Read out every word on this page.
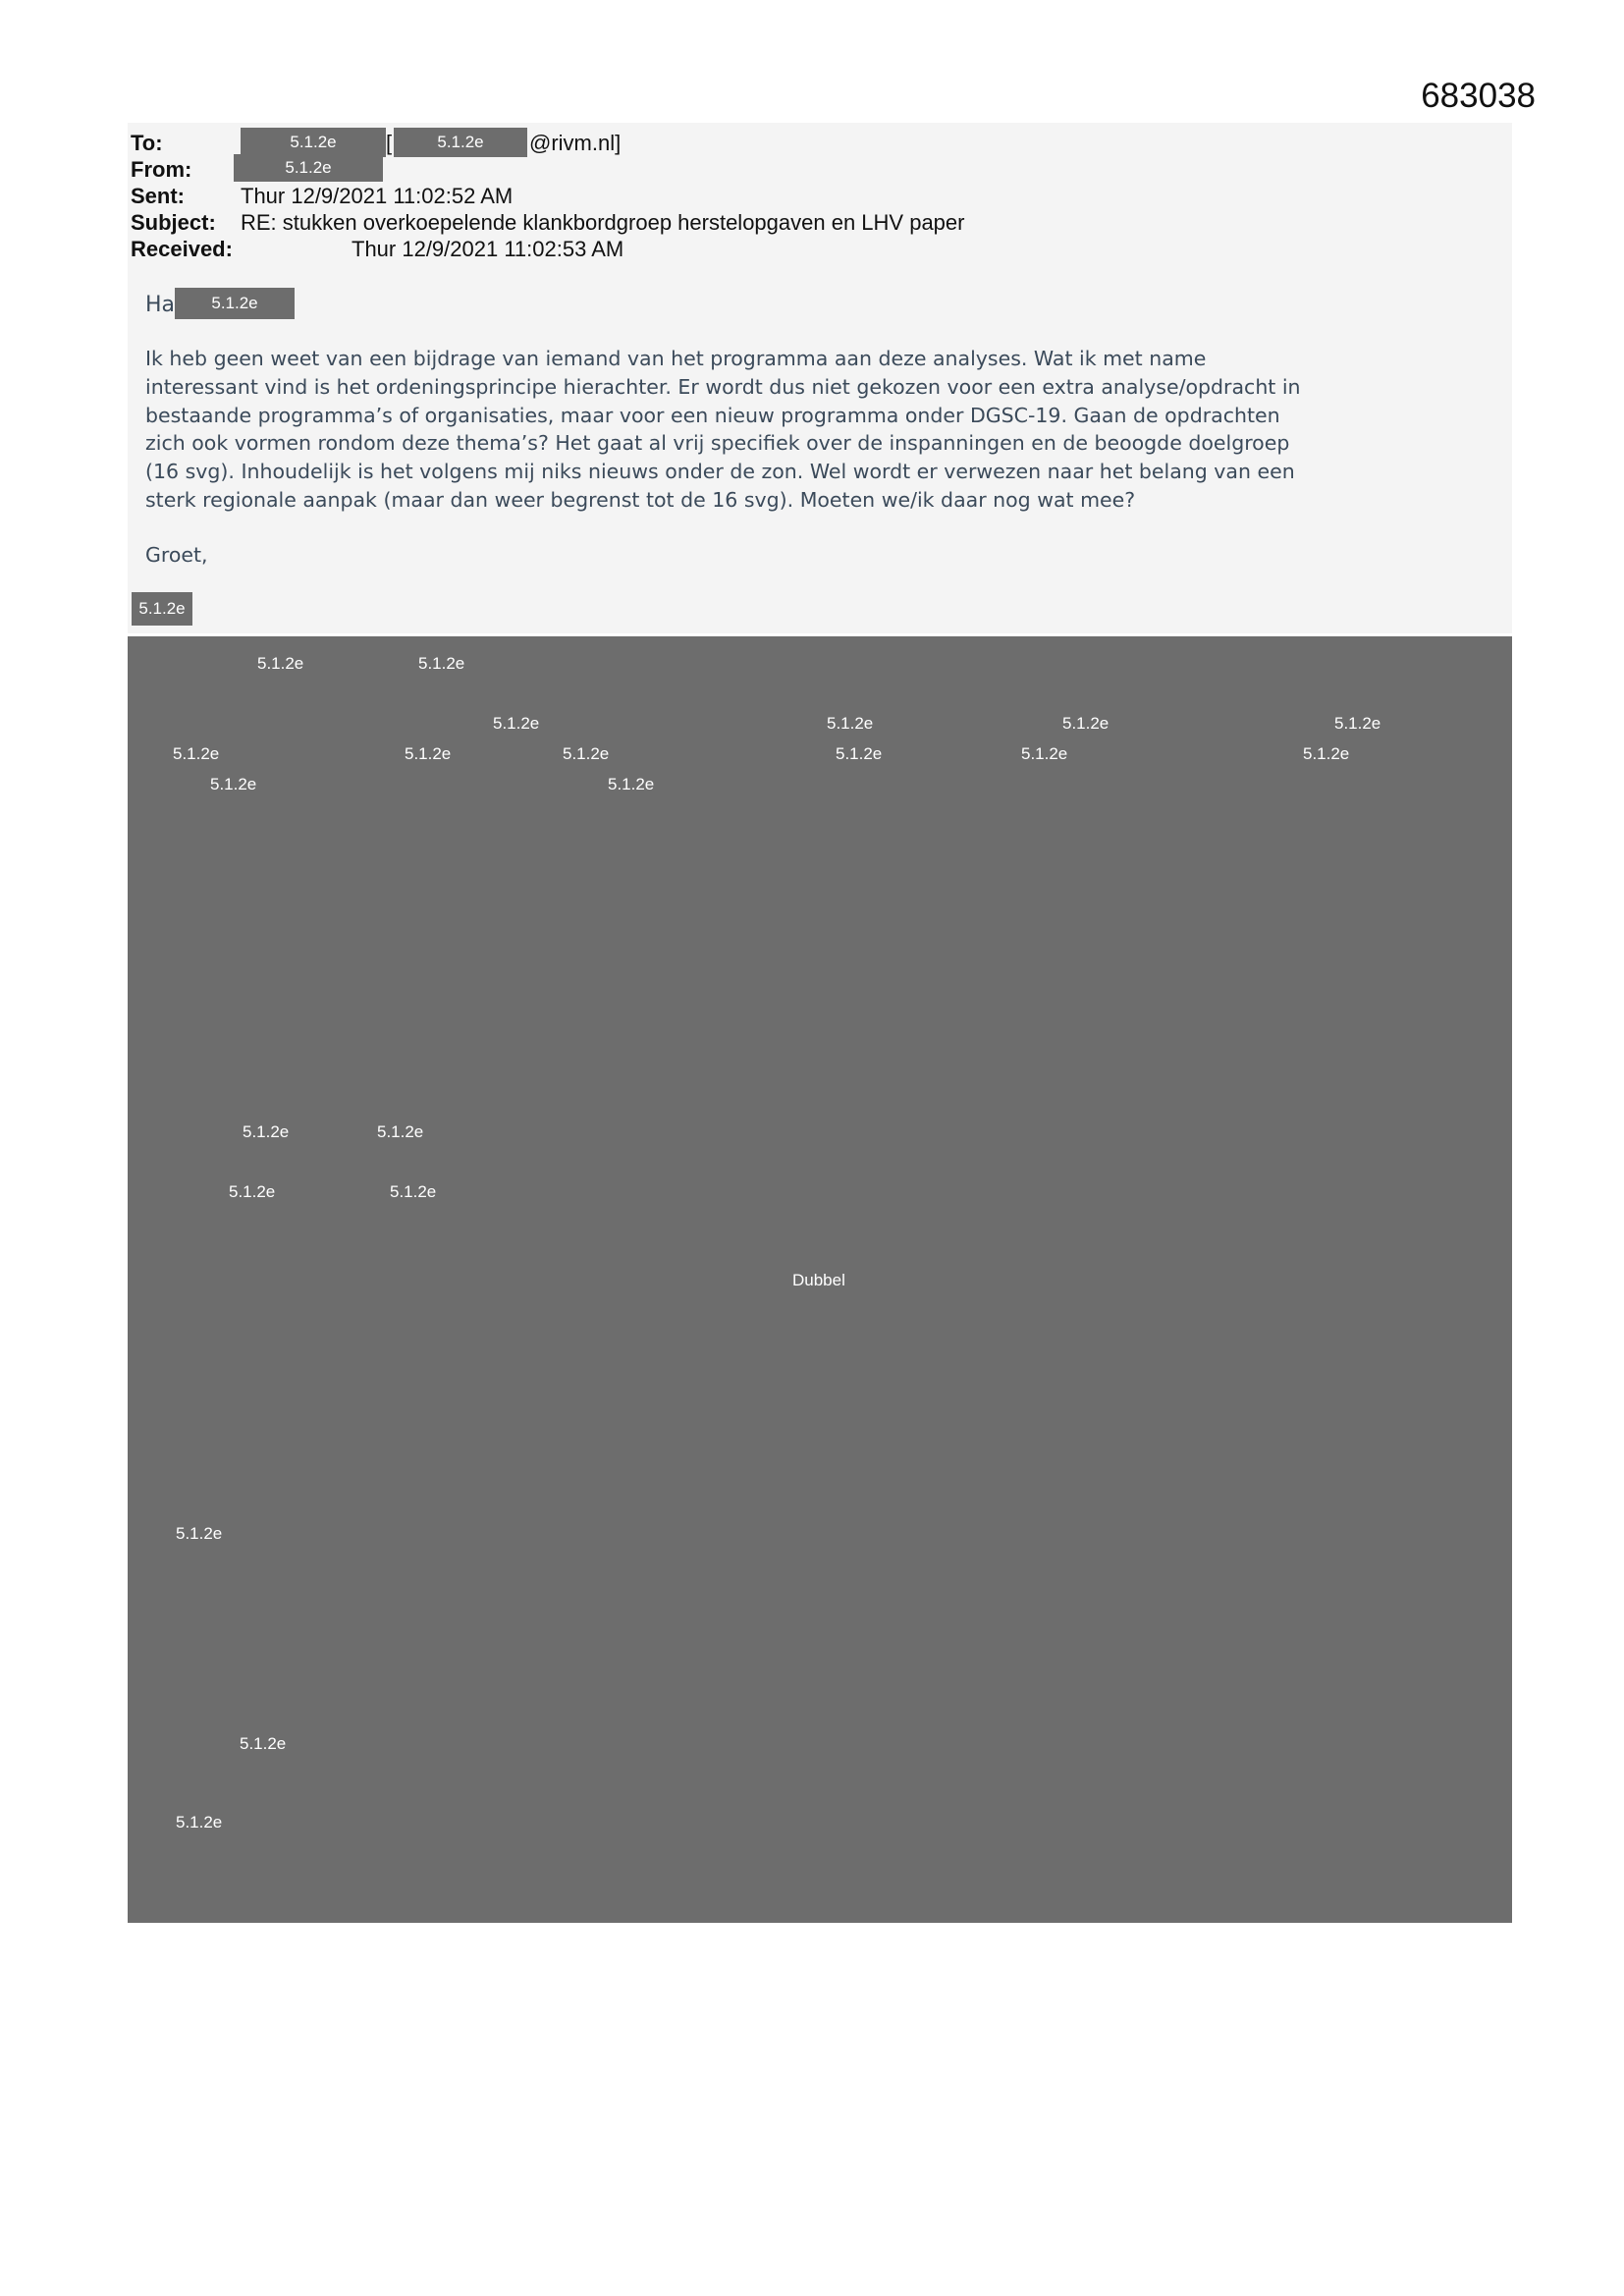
683038
To:	5.1.2e	[	5.1.2e	@rivm.nl]
From:	5.1.2e
Sent:	Thur 12/9/2021 11:02:52 AM
Subject: RE: stukken overkoepelende klankbordgroep herstelopgaven en LHV paper
Received:	Thur 12/9/2021 11:02:53 AM
Ha	5.1.2e
Ik heb geen weet van een bijdrage van iemand van het programma aan deze analyses. Wat ik met name
interessant vind is het ordeningsprincipe hierachter. Er wordt dus niet gekozen voor een extra analyse/opdracht in
bestaande programma’s of organisaties, maar voor een nieuw programma onder DGSC-19. Gaan de opdrachten
zich ook vormen rondom deze thema’s? Het gaat al vrij specifiek over de inspanningen en de beoogde doelgroep
(16 svg). Inhoudelijk is het volgens mij niks nieuws onder de zon. Wel wordt er verwezen naar het belang van een
sterk regionale aanpak (maar dan weer begrenst tot de 16 svg). Moeten we/ik daar nog wat mee?
Groet,
5.1.2e
5.1.2e	5.1.2e
5.1.2e	5.1.2e	5.1.2e	5.1.2e
5.1.2e	5.1.2e	5.1.2e	5.1.2e	5.1.2e	5.1.2e
5.1.2e	5.1.2e
5.1.2e	5.1.2e
5.1.2e	5.1.2e
Dubbel
5.1.2e
5.1.2e
5.1.2e
